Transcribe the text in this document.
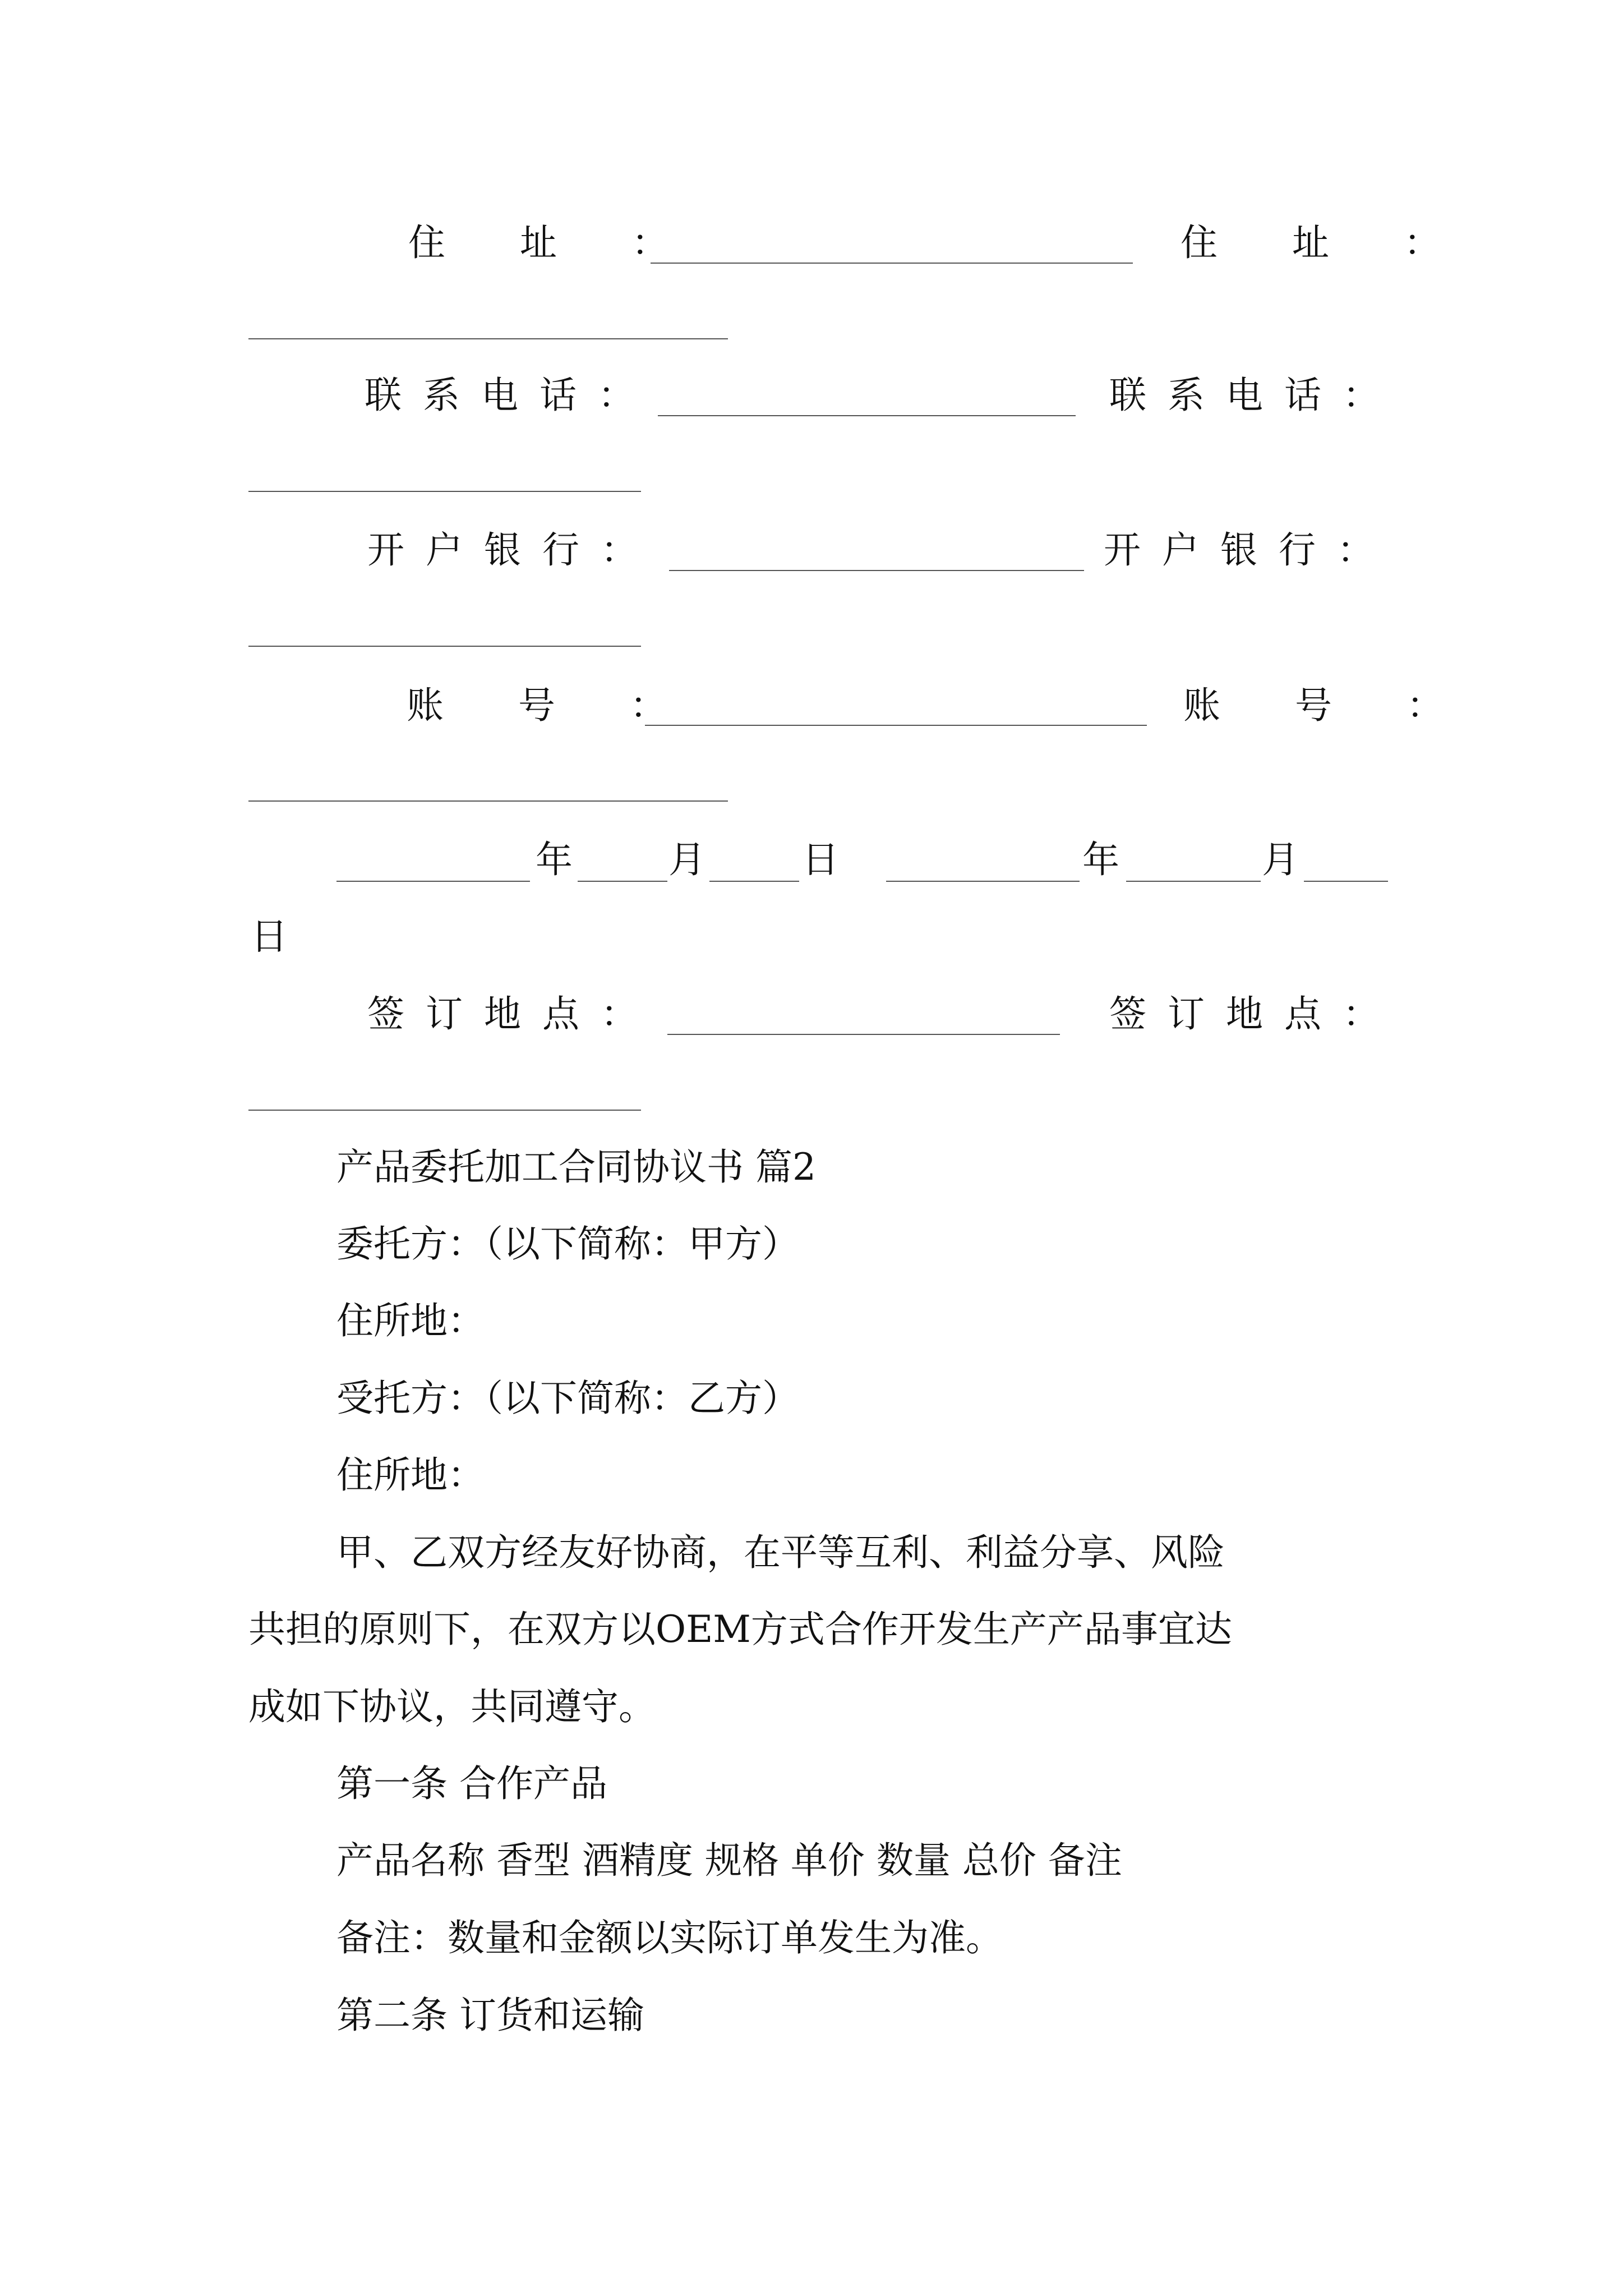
住 址 ：	住 址 ：
联系电话：	联系电话：
开户银行：	开户银行：
账 号 ：	账 号 ：
年	月	日	年	月
日
签订地点：	签订地点：
产品委托加工合同协议书 篇2
委托方：（以下简称：甲方）
住所地：
受托方：（以下简称：乙方）
住所地：
甲、乙双方经友好协商，在平等互利、利益分享、风险
共担的原则下，在双方以OEM方式合作开发生产产品事宜达
成如下协议，共同遵守。
第一条 合作产品
产品名称 香型 酒精度 规格 单价 数量 总价 备注
备注：数量和金额以实际订单发生为准。
第二条 订货和运输
